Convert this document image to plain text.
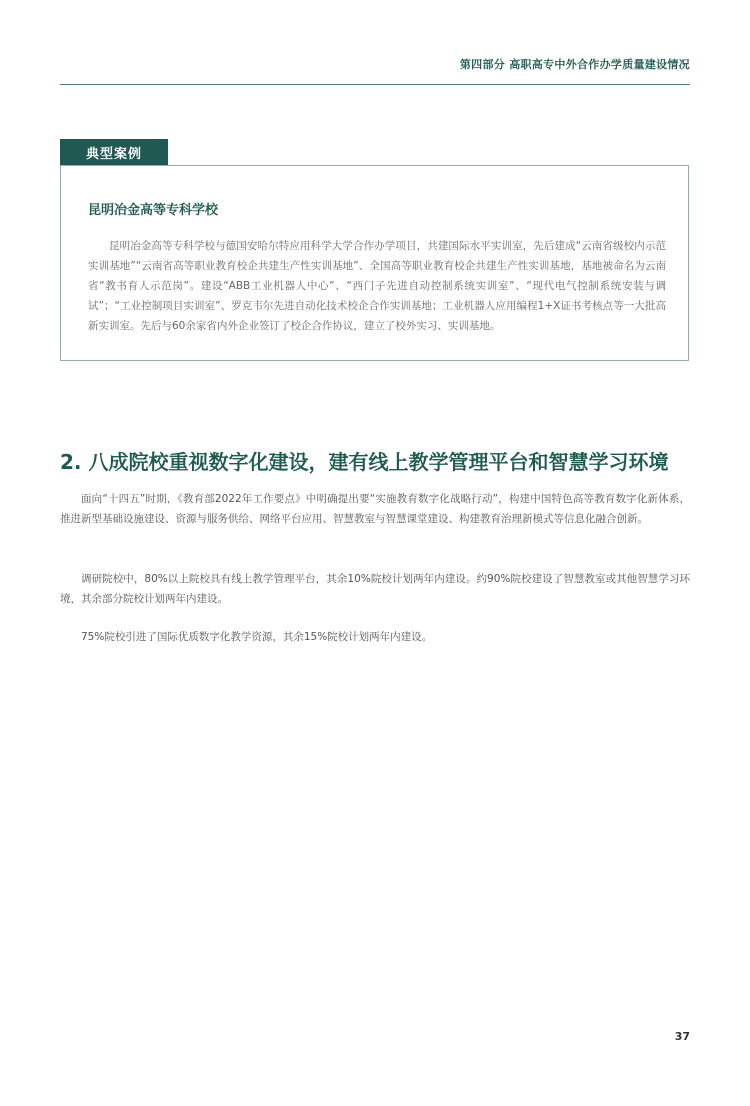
第四部分 高职高专中外合作办学质量建设情况
典型案例
昆明冶金高等专科学校
昆明冶金高等专科学校与德国安哈尔特应用科学大学合作办学项目，共建国际水平实训室，先后建成“云南省级校内示范实训基地”“云南省高等职业教育校企共建生产性实训基地”、全国高等职业教育校企共建生产性实训基地，基地被命名为云南省“教书育人示范岗”。建设“ABB工业机器人中心”、“西门子先进自动控制系统实训室”、“现代电气控制系统安装与调试”；“工业控制项目实训室”、罗克韦尔先进自动化技术校企合作实训基地；工业机器人应用编程1+X证书考核点等一大批高新实训室。先后与60余家省内外企业签订了校企合作协议，建立了校外实习、实训基地。
2. 八成院校重视数字化建设，建有线上教学管理平台和智慧学习环境
面向“十四五”时期，《教育部2022年工作要点》中明确提出要“实施教育数字化战略行动”，构建中国特色高等教育数字化新体系，推进新型基础设施建设、资源与服务供给、网络平台应用、智慧教室与智慧课堂建设、构建教育治理新模式等信息化融合创新。
调研院校中，80%以上院校具有线上教学管理平台，其余10%院校计划两年内建设。约90%院校建设了智慧教室或其他智慧学习环境，其余部分院校计划两年内建设。
75%院校引进了国际优质数字化教学资源，其余15%院校计划两年内建设。
37
